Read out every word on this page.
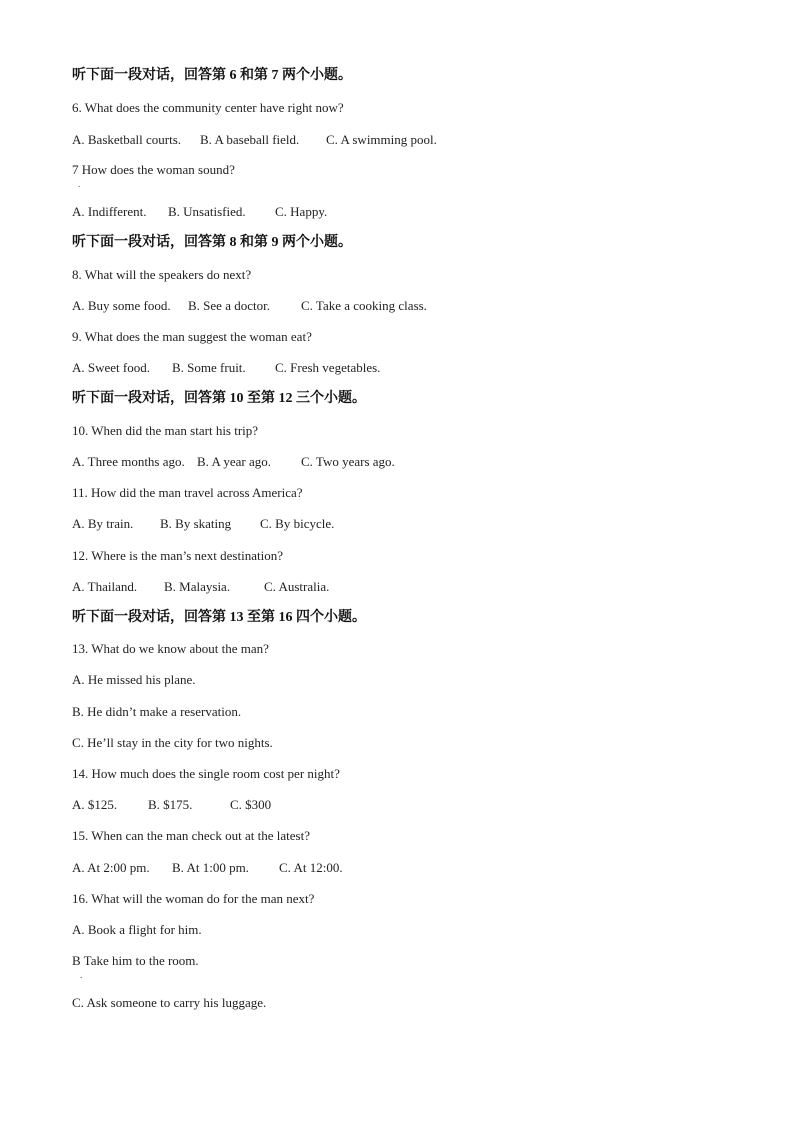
听下面一段对话，回答第 6 和第 7 两个小题。
6. What does the community center have right now?
A. Basketball courts. B. A baseball field. C. A swimming pool.
7 How does the woman sound?
.
A. Indifferent. B. Unsatisfied. C. Happy.
听下面一段对话，回答第 8 和第 9 两个小题。
8. What will the speakers do next?
A. Buy some food. B. See a doctor. C. Take a cooking class.
9. What does the man suggest the woman eat?
A. Sweet food. B. Some fruit. C. Fresh vegetables.
听下面一段对话，回答第 10 至第 12 三个小题。
10. When did the man start his trip?
A. Three months ago. B. A year ago. C. Two years ago.
11. How did the man travel across America?
A. By train. B. By skating C. By bicycle.
12. Where is the man’s next destination?
A. Thailand. B. Malaysia.	C. Australia.
听下面一段对话，回答第 13 至第 16 四个小题。
13. What do we know about the man?
A. He missed his plane.
B. He didn’t make a reservation.
C. He’ll stay in the city for two nights.
14. How much does the single room cost per night?
A. $125. B. $175.	C. $300
15. When can the man check out at the latest?
A. At 2:00 pm. B. At 1:00 pm. C. At 12:00.
16. What will the woman do for the man next?
A. Book a flight for him.
B Take him to the room.
.
C. Ask someone to carry his luggage.
